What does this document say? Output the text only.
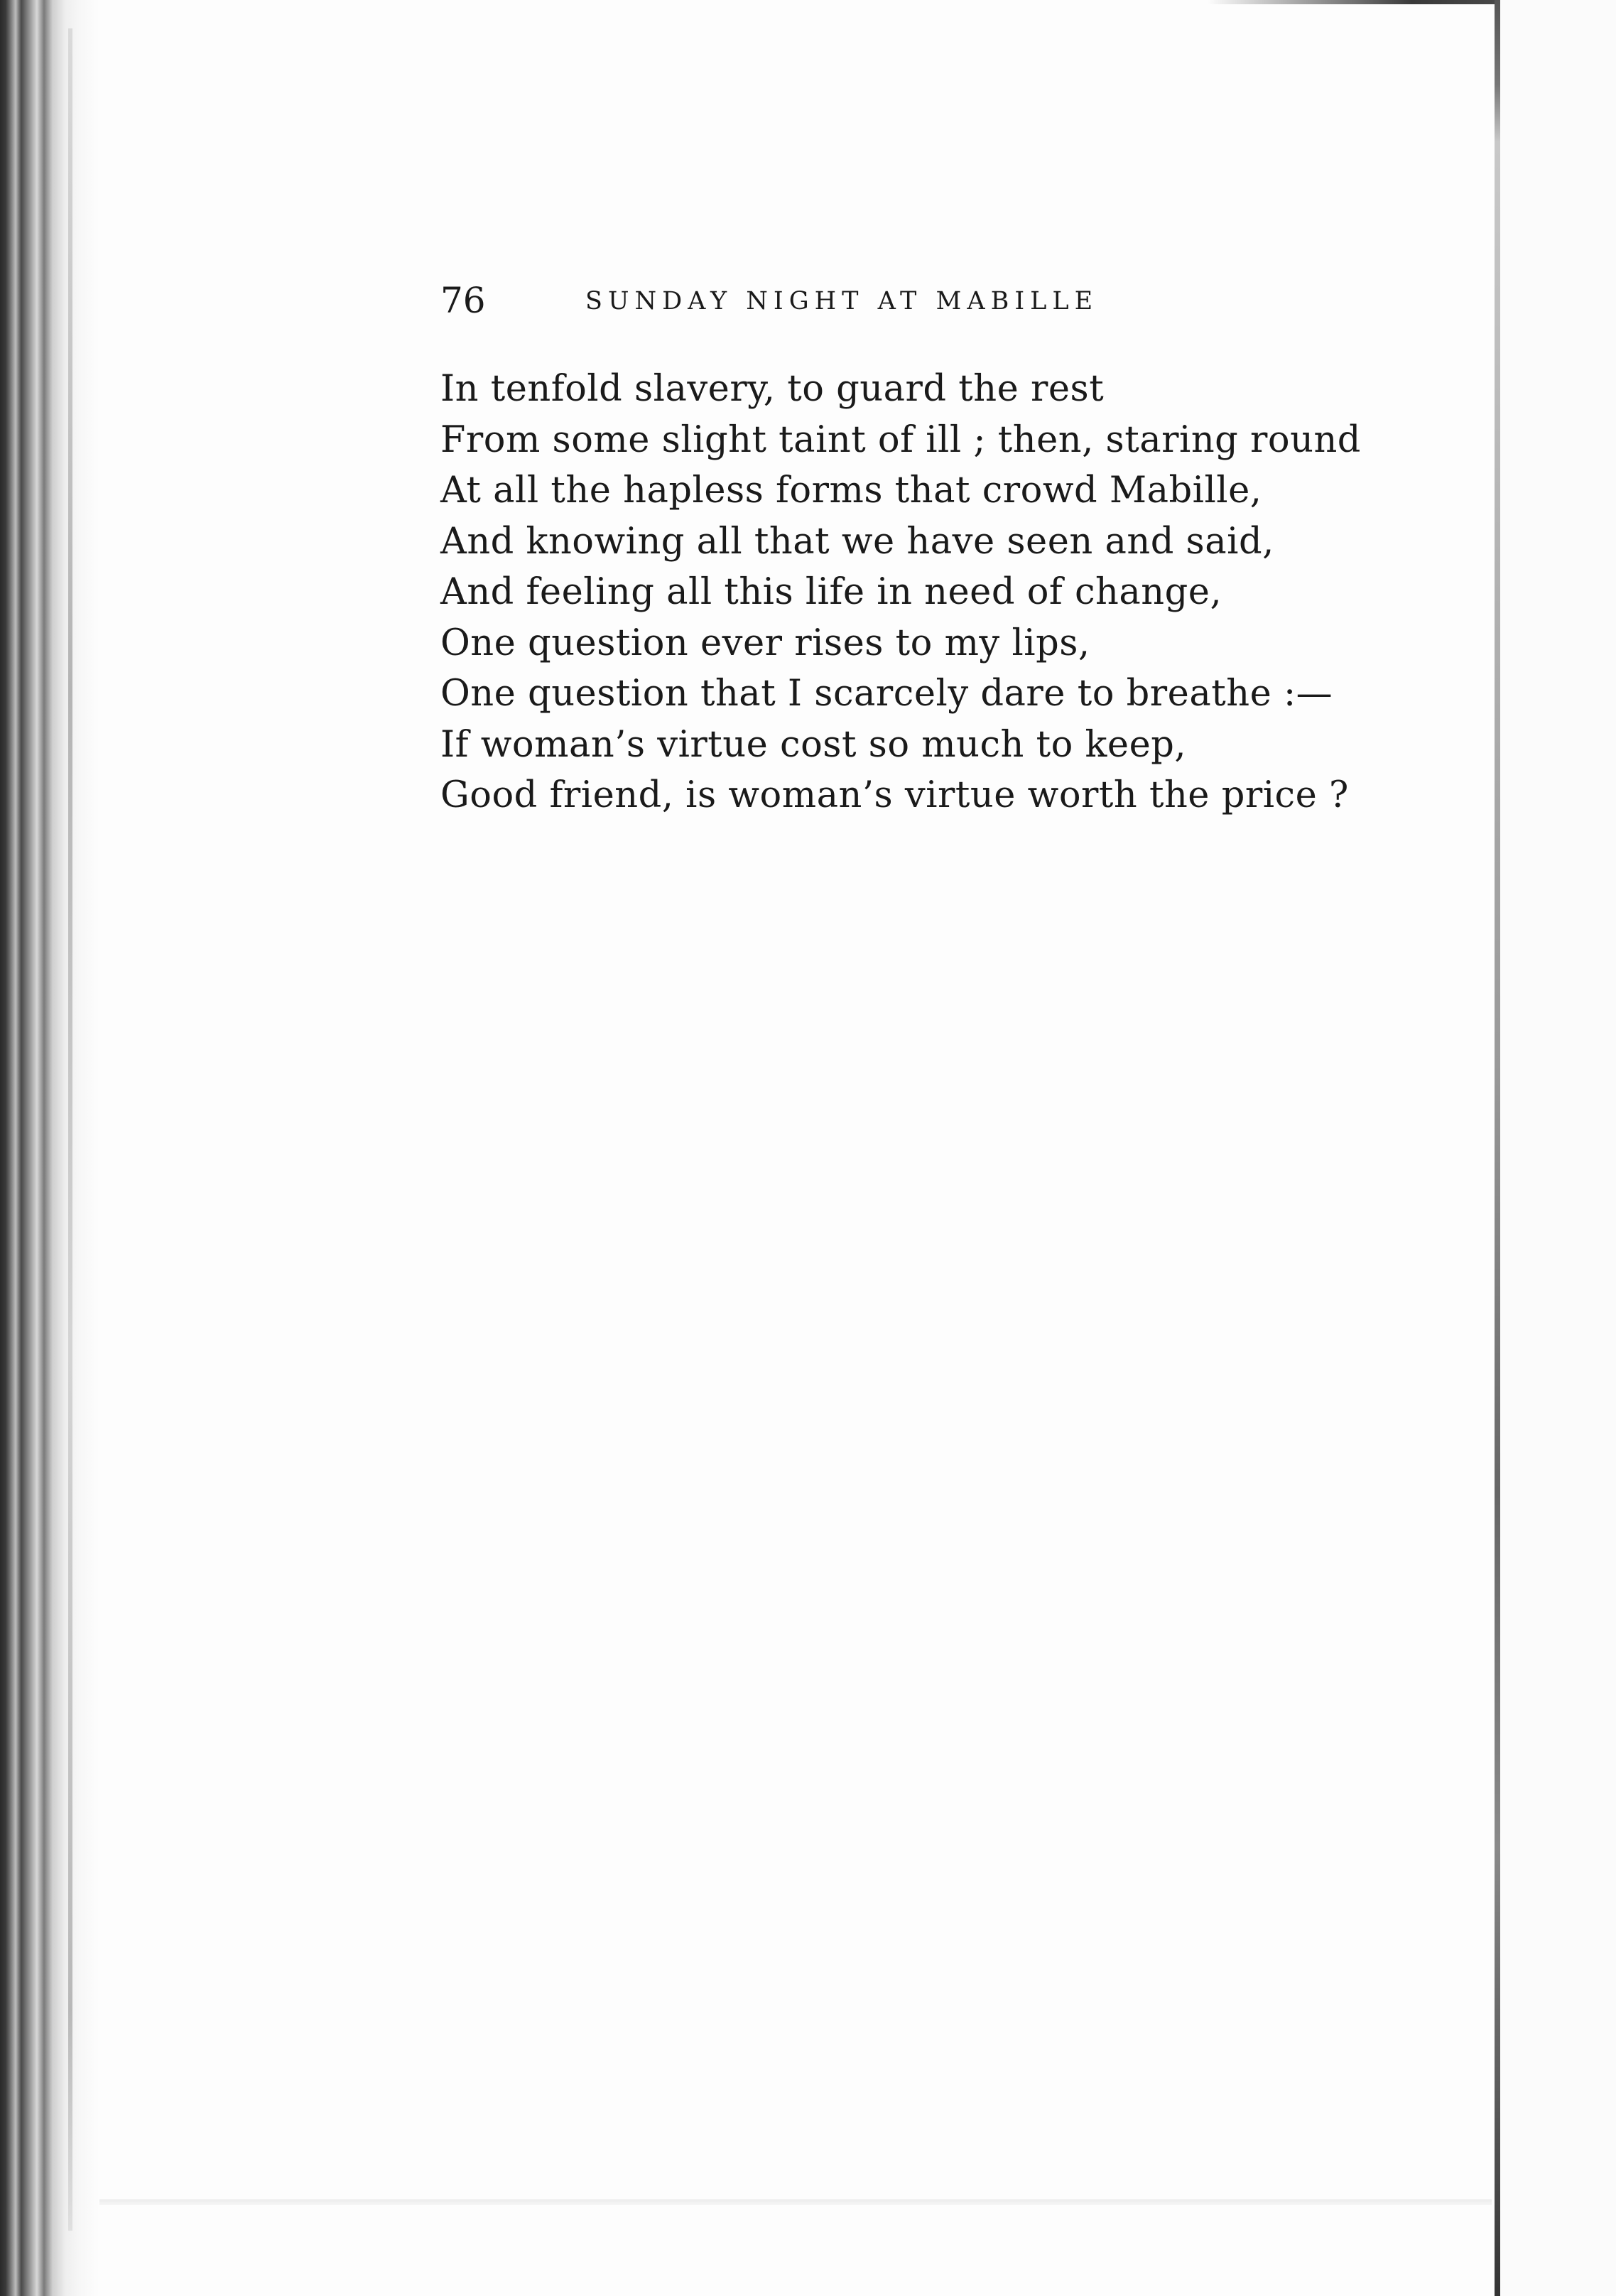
76	SUNDAY NIGHT AT MABILLE
In tenfold slavery, to guard the rest
From some slight taint of ill ; then, staring round
At all the hapless forms that crowd Mabille,
And knowing all that we have seen and said,
And feeling all this life in need of change,
One question ever rises to my lips,
One question that I scarcely dare to breathe :—
If woman’s virtue cost so much to keep,
Good friend, is woman’s virtue worth the price ?
